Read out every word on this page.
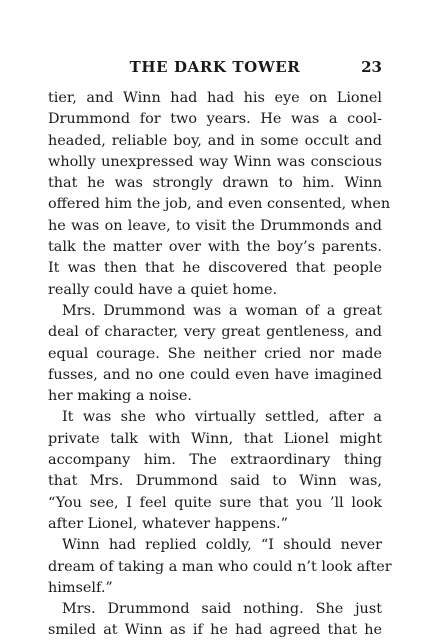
THE DARK TOWER	23

tier, and Winn had had his eye on Lionel
Drummond for two years. He was a cool-
headed, reliable boy, and in some occult and
wholly unexpressed way Winn was conscious
that he was strongly drawn to him. Winn
offered him the job, and even consented, when
he was on leave, to visit the Drummonds and
talk the matter over with the boy’s parents.
It was then that he discovered that people
really could have a quiet home.

Mrs. Drummond was a woman of a great
deal of character, very great gentleness, and
equal courage. She neither cried nor made
fusses, and no one could even have imagined
her making a noise.

It was she who virtually settled, after a
private talk with Winn, that Lionel might
accompany him. The extraordinary thing
that Mrs. Drummond said to Winn was,
“You see, I feel quite sure that you ’ll look
after Lionel, whatever happens.”

Winn had replied coldly, “I should never
dream of taking a man who could n’t look after
himself.”

Mrs. Drummond said nothing. She just
smiled at Winn as if he had agreed that he
